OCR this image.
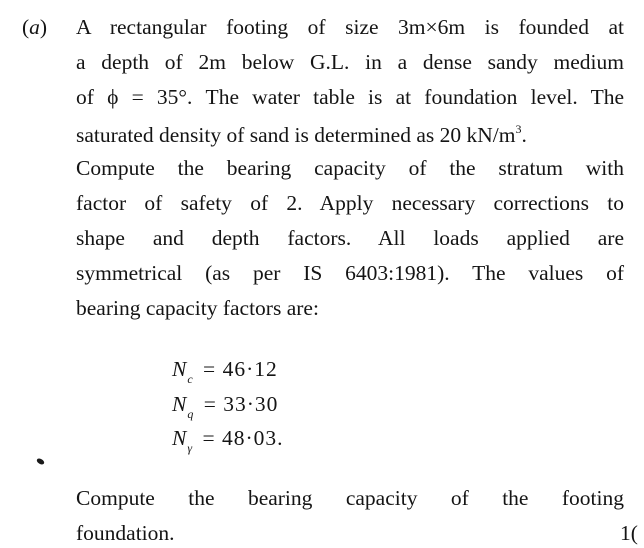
(a) A rectangular footing of size 3m×6m is founded at
a depth of 2m below G.L. in a dense sandy medium
of ϕ = 35°. The water table is at foundation level. The
saturated density of sand is determined as 20 $kN/m^3$.
Compute the bearing capacity of the stratum with
factor of safety of 2. Apply necessary corrections to
shape and depth factors. All loads applied are
symmetrical (as per IS 6403:1981). The values of
bearing capacity factors are:
$N_c = 46\cdot 12$
$N_q = 33\cdot 30$
$N_\gamma = 48\cdot 03$.
Compute the bearing capacity of the footing
foundation.	1(
